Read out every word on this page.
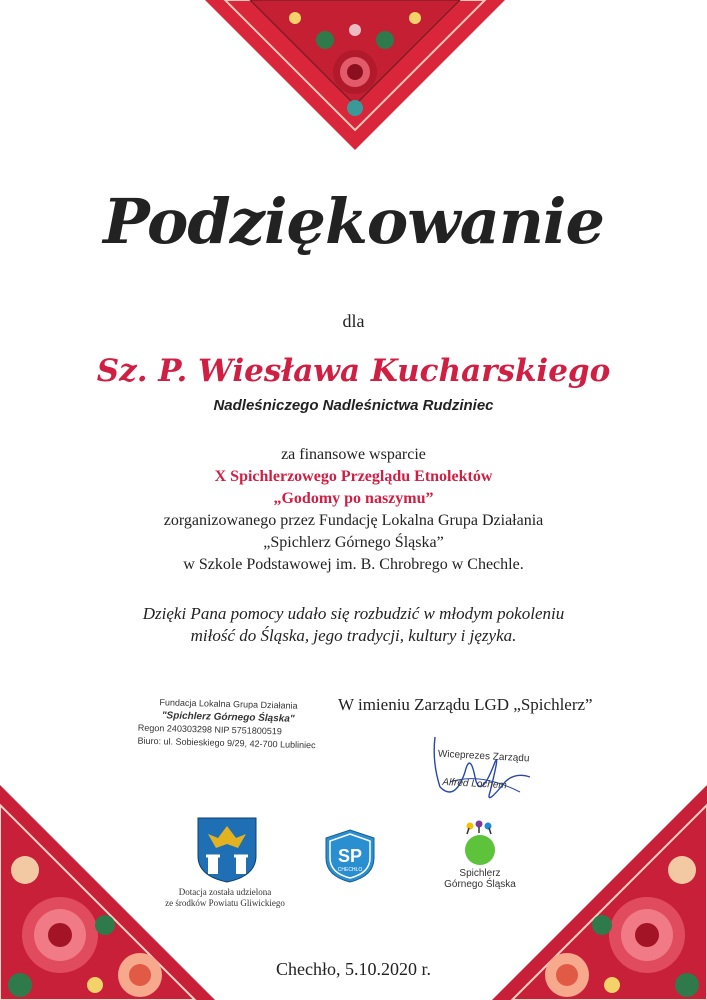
Podziękowanie
dla
Sz. P. Wiesława Kucharskiego
Nadleśniczego Nadleśnictwa Rudziniec
za finansowe wsparcie
X Spichlerzowego Przeglądu Etnolektów
„Godomy po naszymu”
zorganizowanego przez Fundację Lokalna Grupa Działania
„Spichlerz Górnego Śląska”
w Szkole Podstawowej im. B. Chrobrego w Chechle.
Dzięki Pana pomocy udało się rozbudzić w młodym pokoleniu
miłość do Śląska, jego tradycji, kultury i języka.
Fundacja Lokalna Grupa Działania
"Spichlerz Górnego Śląska"
Regon 240303298 NIP 5751800519
Biuro: ul. Sobieskiego 9/29, 42-700 Lubliniec
W imieniu Zarządu LGD „Spichlerz”
Wiceprezes Zarządu
Alfred Lochem
Dotacja została udzielona
ze środków Powiatu Gliwickiego
SP
CHECHŁO	Spichlerz
Górnego Śląska
Chechło, 5.10.2020 r.
